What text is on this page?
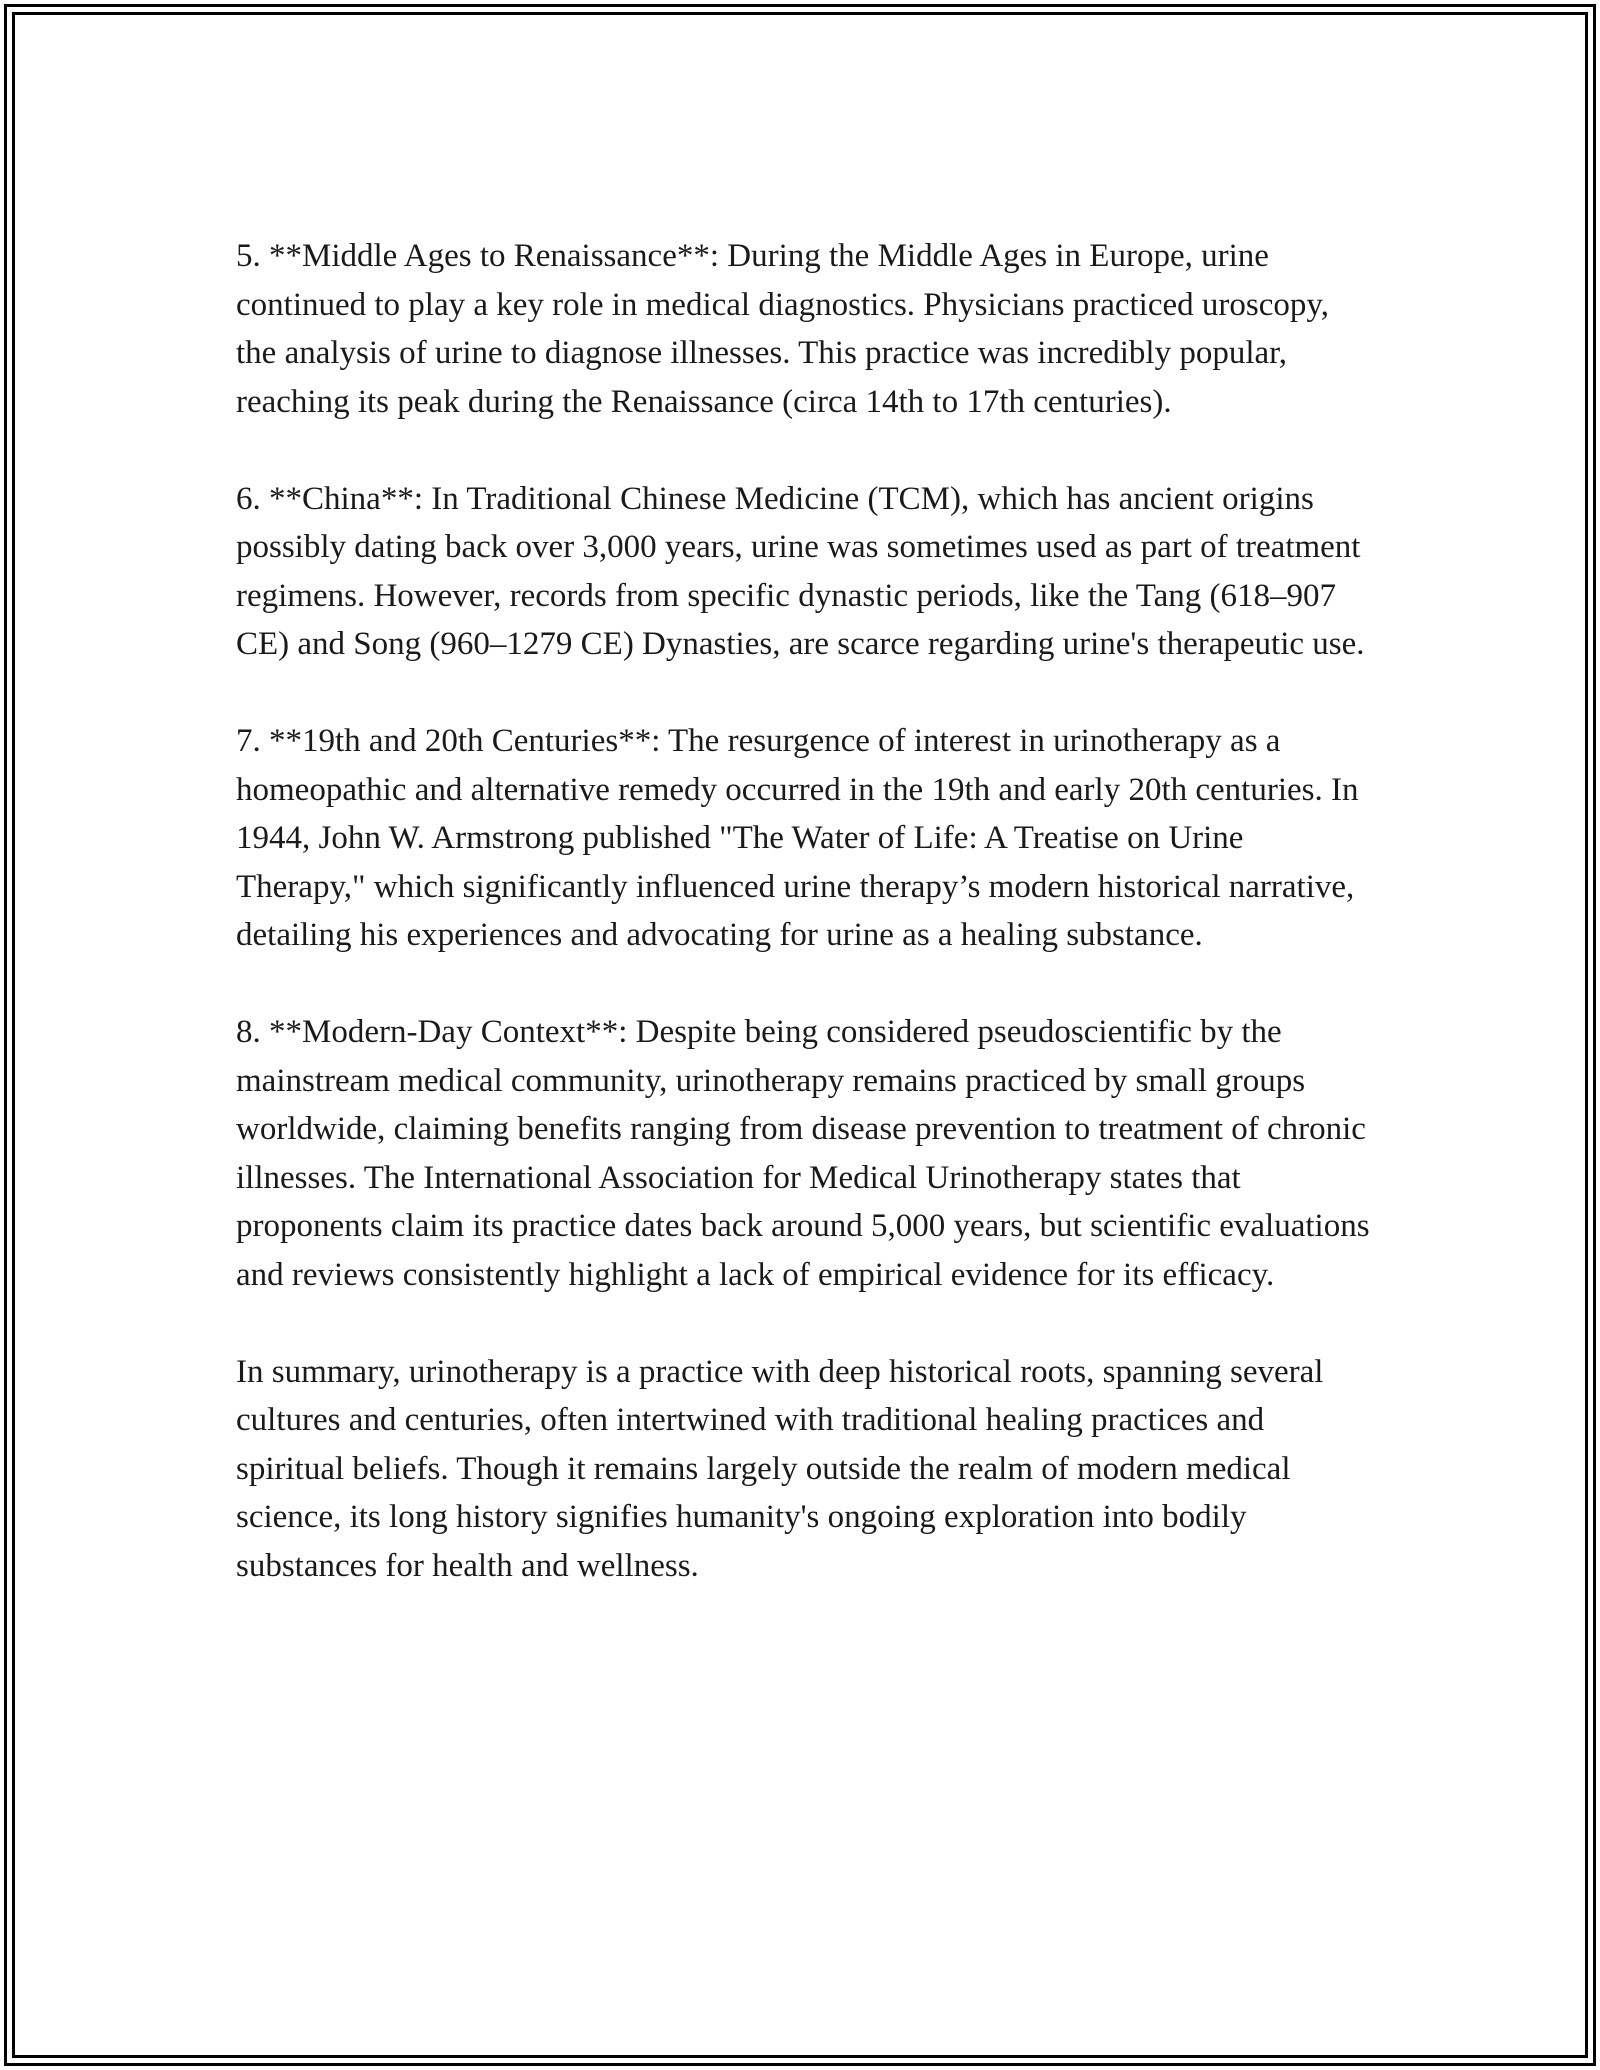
5. **Middle Ages to Renaissance**: During the Middle Ages in Europe, urine continued to play a key role in medical diagnostics. Physicians practiced uroscopy, the analysis of urine to diagnose illnesses. This practice was incredibly popular, reaching its peak during the Renaissance (circa 14th to 17th centuries).

6. **China**: In Traditional Chinese Medicine (TCM), which has ancient origins possibly dating back over 3,000 years, urine was sometimes used as part of treatment regimens. However, records from specific dynastic periods, like the Tang (618–907 CE) and Song (960–1279 CE) Dynasties, are scarce regarding urine's therapeutic use.

7. **19th and 20th Centuries**: The resurgence of interest in urinotherapy as a homeopathic and alternative remedy occurred in the 19th and early 20th centuries. In 1944, John W. Armstrong published "The Water of Life: A Treatise on Urine Therapy," which significantly influenced urine therapy’s modern historical narrative, detailing his experiences and advocating for urine as a healing substance.

8. **Modern-Day Context**: Despite being considered pseudoscientific by the mainstream medical community, urinotherapy remains practiced by small groups worldwide, claiming benefits ranging from disease prevention to treatment of chronic illnesses. The International Association for Medical Urinotherapy states that proponents claim its practice dates back around 5,000 years, but scientific evaluations and reviews consistently highlight a lack of empirical evidence for its efficacy.

In summary, urinotherapy is a practice with deep historical roots, spanning several cultures and centuries, often intertwined with traditional healing practices and spiritual beliefs. Though it remains largely outside the realm of modern medical science, its long history signifies humanity's ongoing exploration into bodily substances for health and wellness.
